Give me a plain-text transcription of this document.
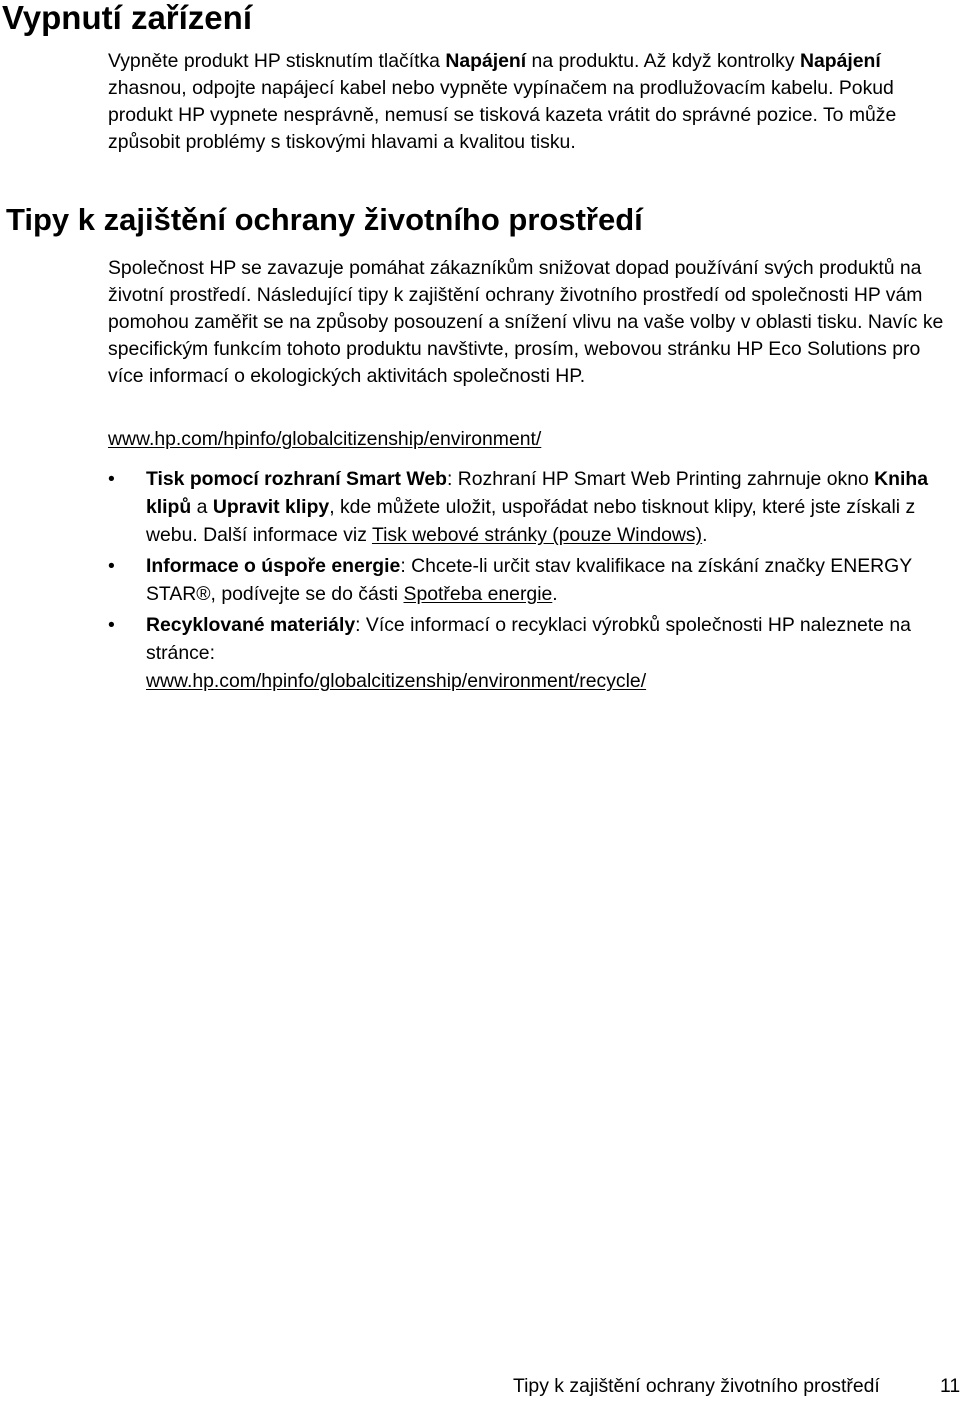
Vypnutí zařízení

Vypněte produkt HP stisknutím tlačítka Napájení na produktu. Až když kontrolky Napájení zhasnou, odpojte napájecí kabel nebo vypněte vypínačem na prodlužovacím kabelu. Pokud produkt HP vypnete nesprávně, nemusí se tisková kazeta vrátit do správné pozice. To může způsobit problémy s tiskovými hlavami a kvalitou tisku.

Tipy k zajištění ochrany životního prostředí

Společnost HP se zavazuje pomáhat zákazníkům snižovat dopad používání svých produktů na životní prostředí. Následující tipy k zajištění ochrany životního prostředí od společnosti HP vám pomohou zaměřit se na způsoby posouzení a snížení vlivu na vaše volby v oblasti tisku. Navíc ke specifickým funkcím tohoto produktu navštivte, prosím, webovou stránku HP Eco Solutions pro více informací o ekologických aktivitách společnosti HP.

www.hp.com/hpinfo/globalcitizenship/environment/
• Tisk pomocí rozhraní Smart Web: Rozhraní HP Smart Web Printing zahrnuje okno Kniha klipů a Upravit klipy, kde můžete uložit, uspořádat nebo tisknout klipy, které jste získali z webu. Další informace viz Tisk webové stránky (pouze Windows).
• Informace o úspoře energie: Chcete-li určit stav kvalifikace na získání značky ENERGY STAR®, podívejte se do části Spotřeba energie.
• Recyklované materiály: Více informací o recyklaci výrobků společnosti HP naleznete na stránce:
www.hp.com/hpinfo/globalcitizenship/environment/recycle/
Tipy k zajištění ochrany životního prostředí	11
